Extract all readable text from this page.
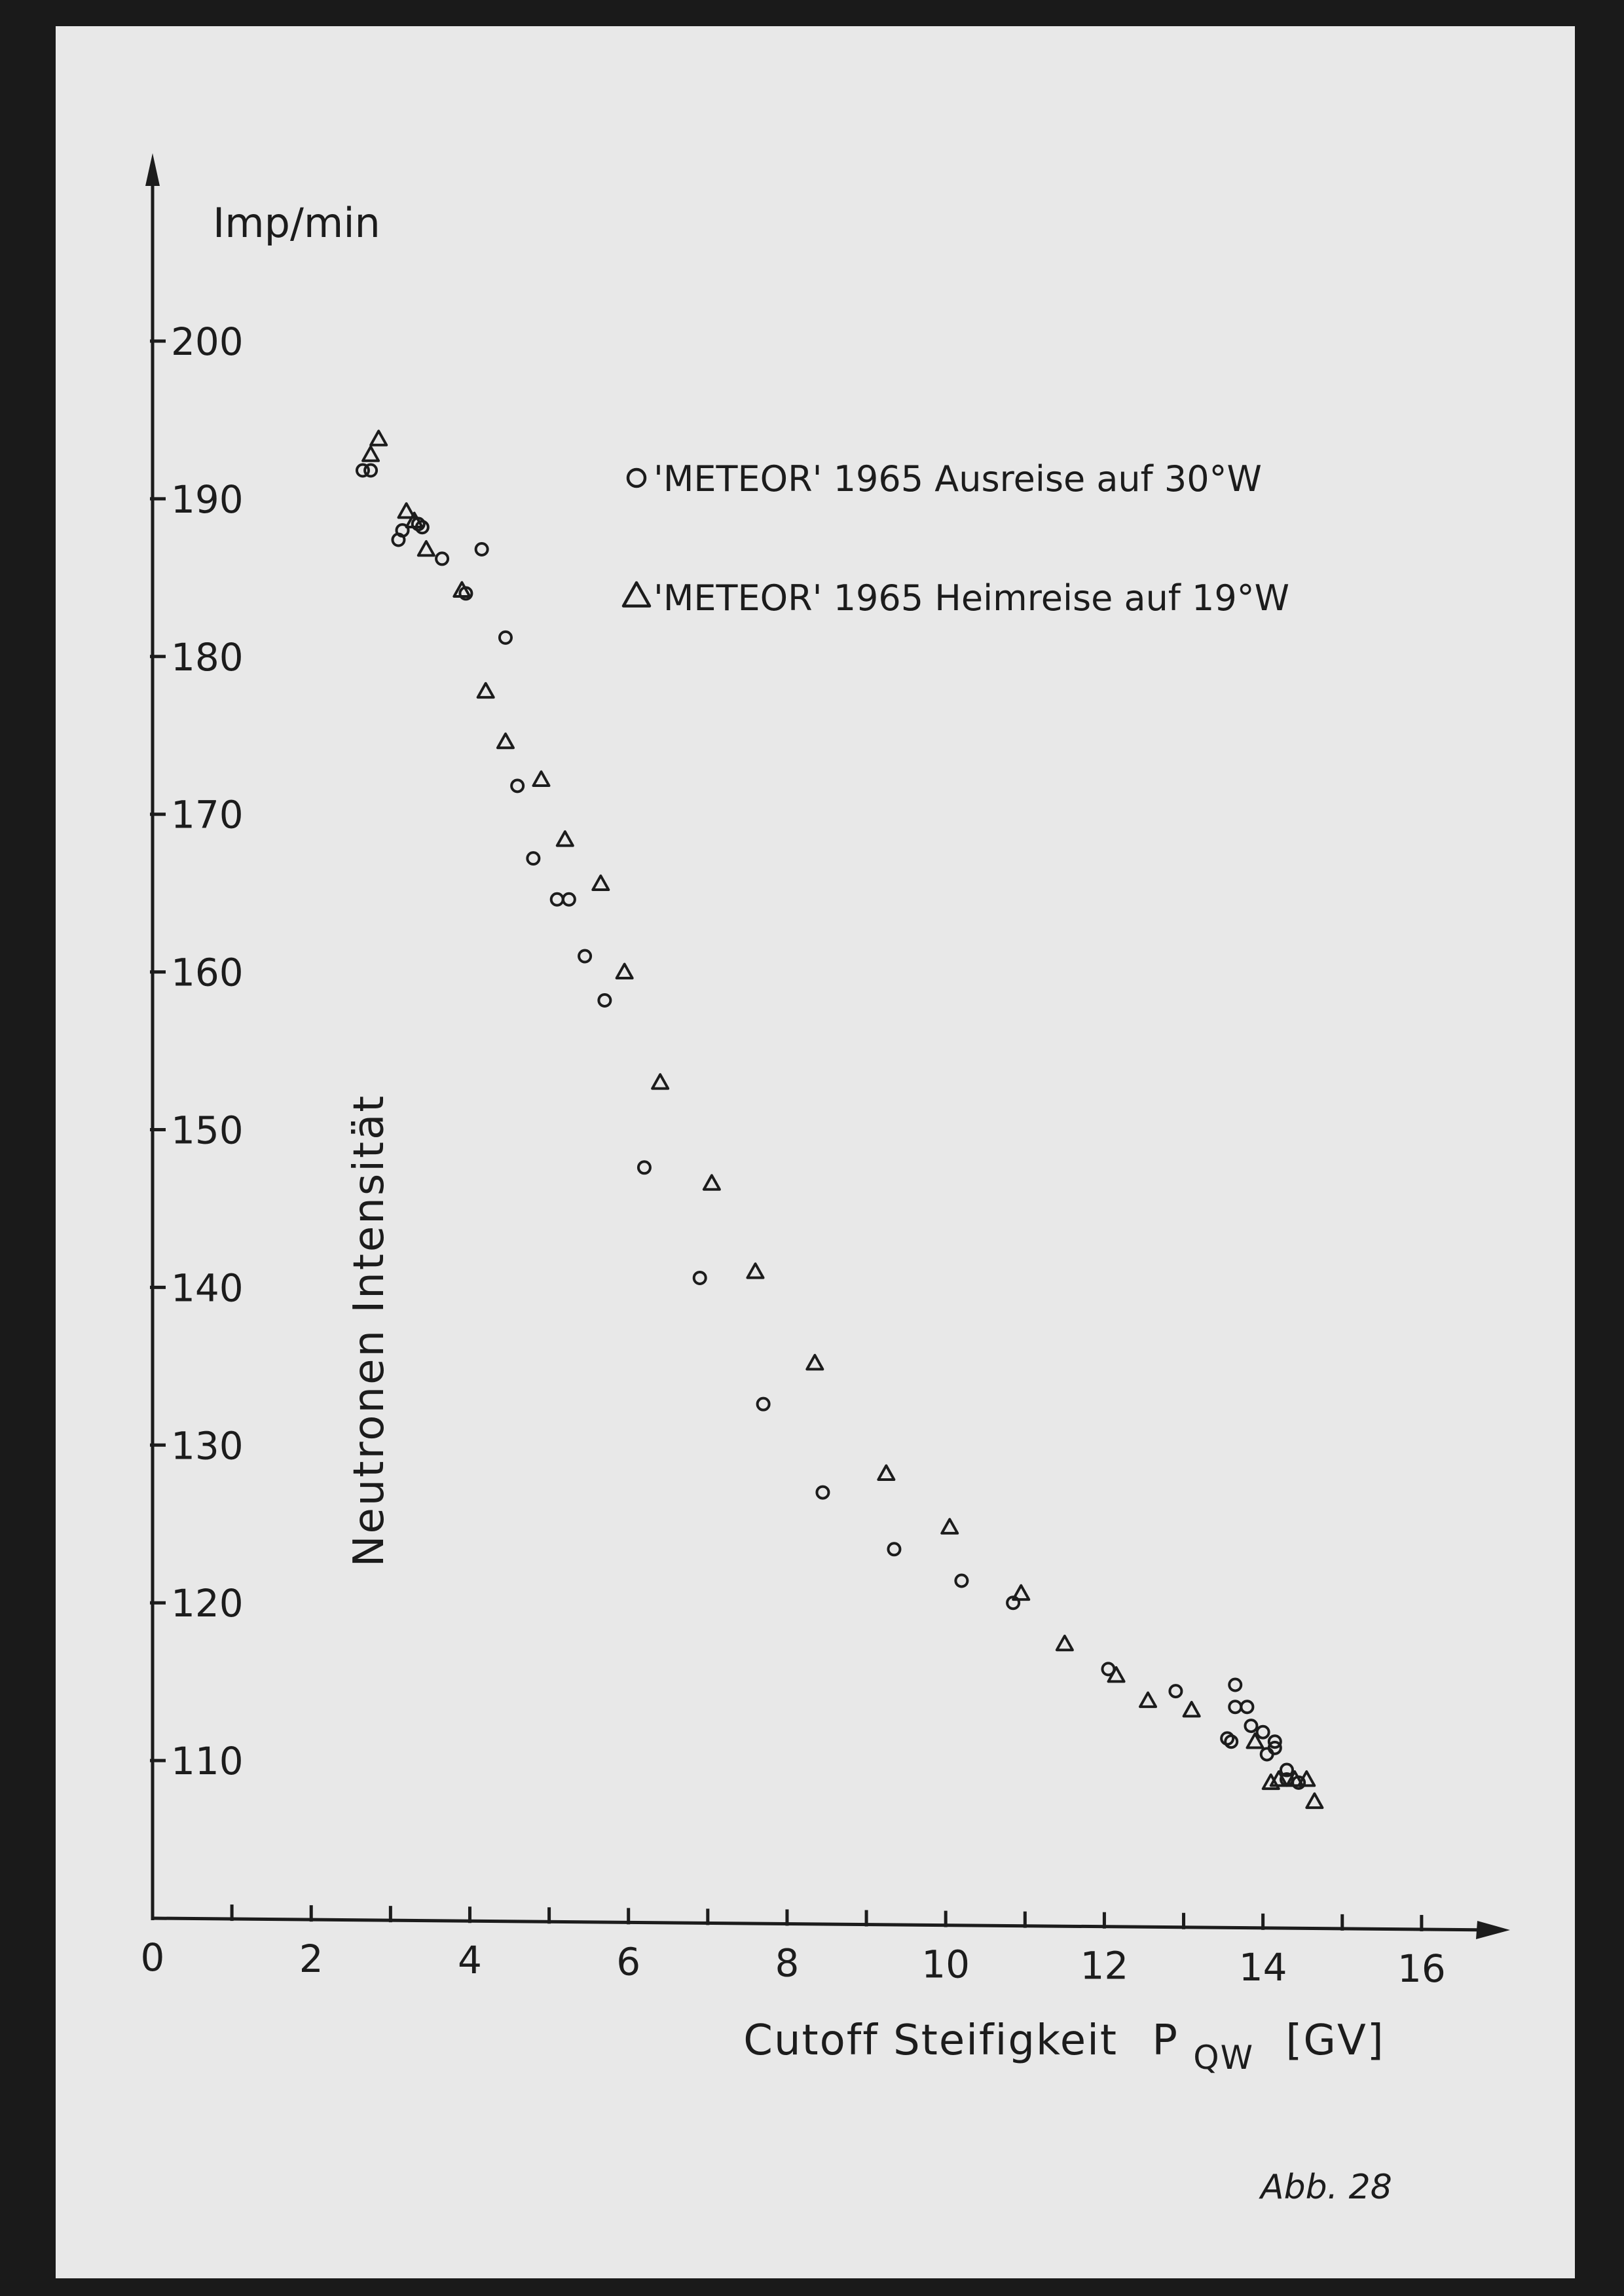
110
120
130
140
150
160
170
180
190
200
0	2	4	6	8	10	12	14	16
'METEOR' 1965 Ausreise auf 30°W
'METEOR' 1965 Heimreise auf 19°W
Imp/min
Neutronen Intensität
Cutoff Steifigkeit P $_{QW}$ [GV]
Abb. 28
